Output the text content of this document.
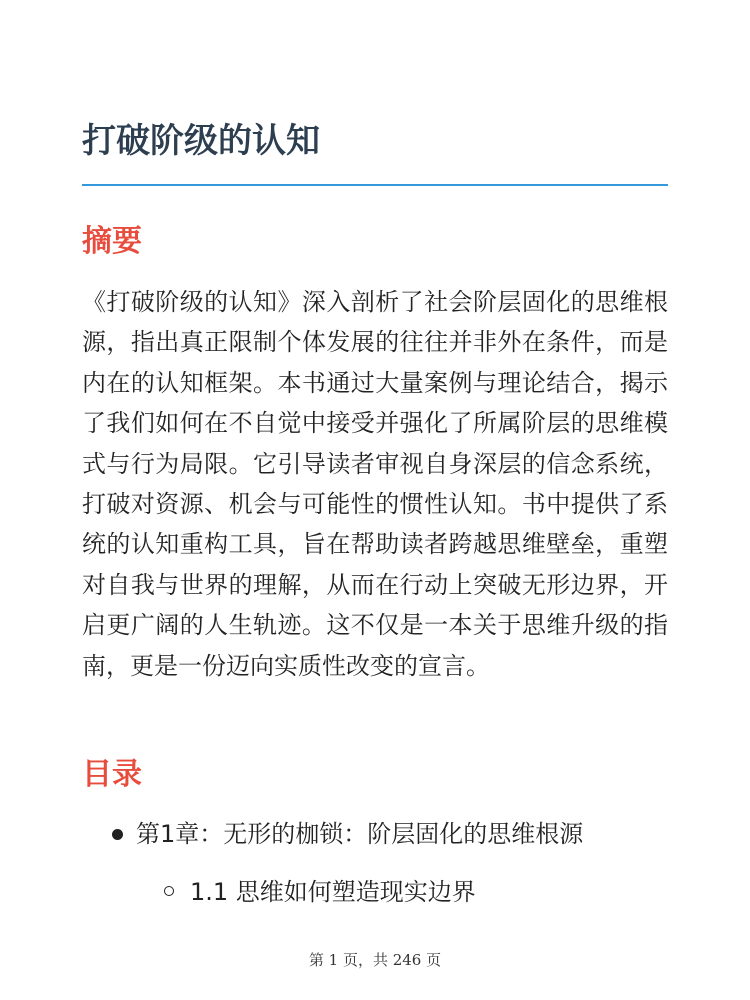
打破阶级的认知
摘要

《打破阶级的认知》深入剖析了社会阶层固化的思维根源，指出真正限制个体发展的往往并非外在条件，而是内在的认知框架。本书通过大量案例与理论结合，揭示了我们如何在不自觉中接受并强化了所属阶层的思维模式与行为局限。它引导读者审视自身深层的信念系统，打破对资源、机会与可能性的惯性认知。书中提供了系统的认知重构工具，旨在帮助读者跨越思维壁垒，重塑对自我与世界的理解，从而在行动上突破无形边界，开启更广阔的人生轨迹。这不仅是一本关于思维升级的指南，更是一份迈向实质性改变的宣言。

目录
第1章：无形的枷锁：阶层固化的思维根源
1.1 思维如何塑造现实边界
第 1 页，共 246 页
